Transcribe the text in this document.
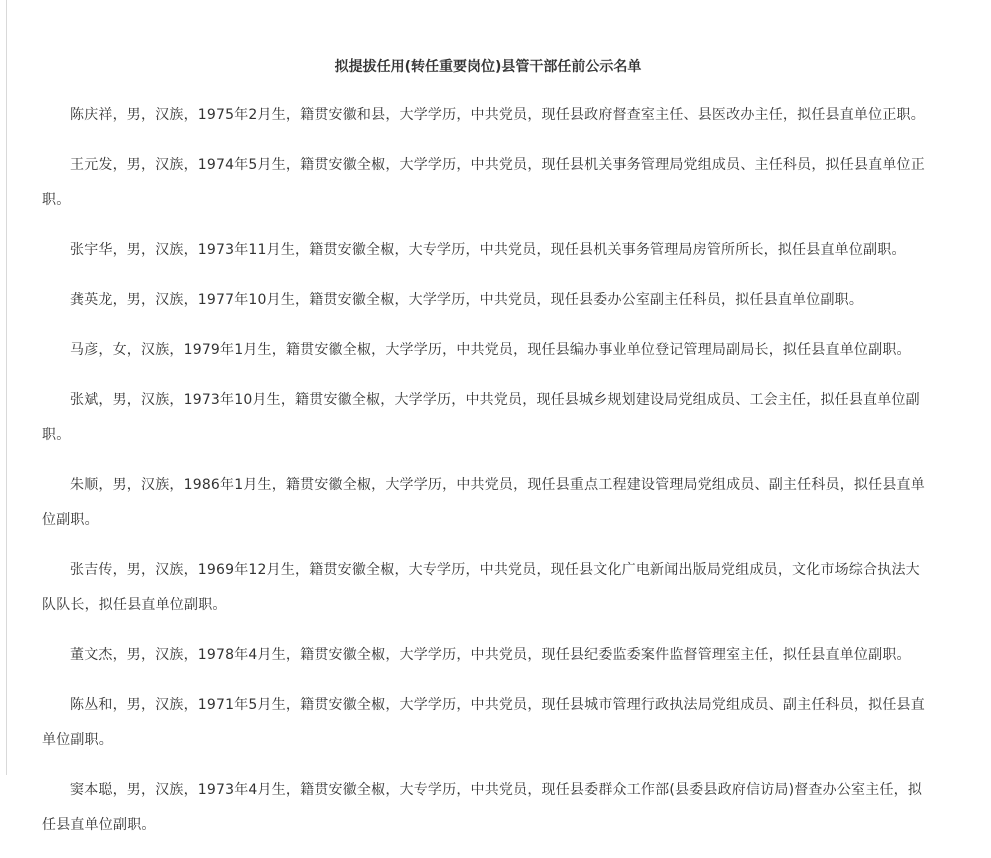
拟提拔任用(转任重要岗位)县管干部任前公示名单

陈庆祥，男，汉族，1975年2月生，籍贯安徽和县，大学学历，中共党员，现任县政府督查室主任、县医改办主任，拟任县直单位正职。

王元发，男，汉族，1974年5月生，籍贯安徽全椒，大学学历，中共党员，现任县机关事务管理局党组成员、主任科员，拟任县直单位正职。

张宇华，男，汉族，1973年11月生，籍贯安徽全椒，大专学历，中共党员，现任县机关事务管理局房管所所长，拟任县直单位副职。

龚英龙，男，汉族，1977年10月生，籍贯安徽全椒，大学学历，中共党员，现任县委办公室副主任科员，拟任县直单位副职。

马彦，女，汉族，1979年1月生，籍贯安徽全椒，大学学历，中共党员，现任县编办事业单位登记管理局副局长，拟任县直单位副职。

张斌，男，汉族，1973年10月生，籍贯安徽全椒，大学学历，中共党员，现任县城乡规划建设局党组成员、工会主任，拟任县直单位副职。

朱顺，男，汉族，1986年1月生，籍贯安徽全椒，大学学历，中共党员，现任县重点工程建设管理局党组成员、副主任科员，拟任县直单位副职。

张吉传，男，汉族，1969年12月生，籍贯安徽全椒，大专学历，中共党员，现任县文化广电新闻出版局党组成员，文化市场综合执法大队队长，拟任县直单位副职。

董文杰，男，汉族，1978年4月生，籍贯安徽全椒，大学学历，中共党员，现任县纪委监委案件监督管理室主任，拟任县直单位副职。

陈丛和，男，汉族，1971年5月生，籍贯安徽全椒，大学学历，中共党员，现任县城市管理行政执法局党组成员、副主任科员，拟任县直单位副职。

窦本聪，男，汉族，1973年4月生，籍贯安徽全椒，大专学历，中共党员，现任县委群众工作部(县委县政府信访局)督查办公室主任，拟任县直单位副职。
